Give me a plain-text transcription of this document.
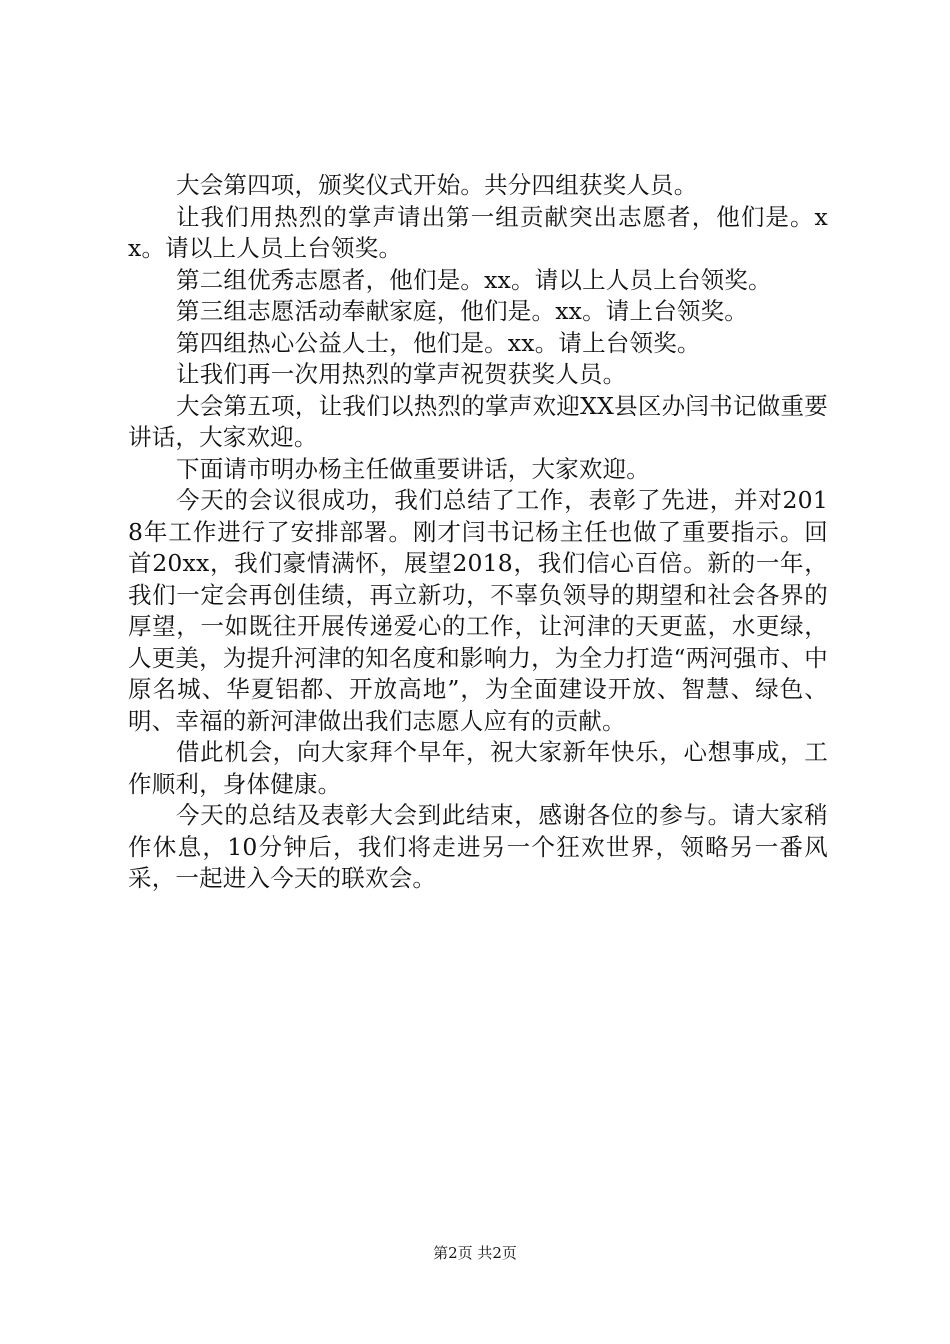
大会第四项，颁奖仪式开始。共分四组获奖人员。

让我们用热烈的掌声请出第一组贡献突出志愿者，他们是。xx。请以上人员上台领奖。

第二组优秀志愿者，他们是。xx。请以上人员上台领奖。

第三组志愿活动奉献家庭，他们是。xx。请上台领奖。

第四组热心公益人士，他们是。xx。请上台领奖。

让我们再一次用热烈的掌声祝贺获奖人员。

大会第五项，让我们以热烈的掌声欢迎XX县区办闫书记做重要讲话，大家欢迎。

下面请市明办杨主任做重要讲话，大家欢迎。

今天的会议很成功，我们总结了工作，表彰了先进，并对2018年工作进行了安排部署。刚才闫书记杨主任也做了重要指示。回首20xx，我们豪情满怀，展望2018，我们信心百倍。新的一年，我们一定会再创佳绩，再立新功，不辜负领导的期望和社会各界的厚望，一如既往开展传递爱心的工作，让河津的天更蓝，水更绿，人更美，为提升河津的知名度和影响力，为全力打造“两河强市、中原名城、华夏铝都、开放高地”，为全面建设开放、智慧、绿色、明、幸福的新河津做出我们志愿人应有的贡献。

借此机会，向大家拜个早年，祝大家新年快乐，心想事成，工作顺利，身体健康。

今天的总结及表彰大会到此结束，感谢各位的参与。请大家稍作休息，10分钟后，我们将走进另一个狂欢世界，领略另一番风采，一起进入今天的联欢会。

第2页 共2页
